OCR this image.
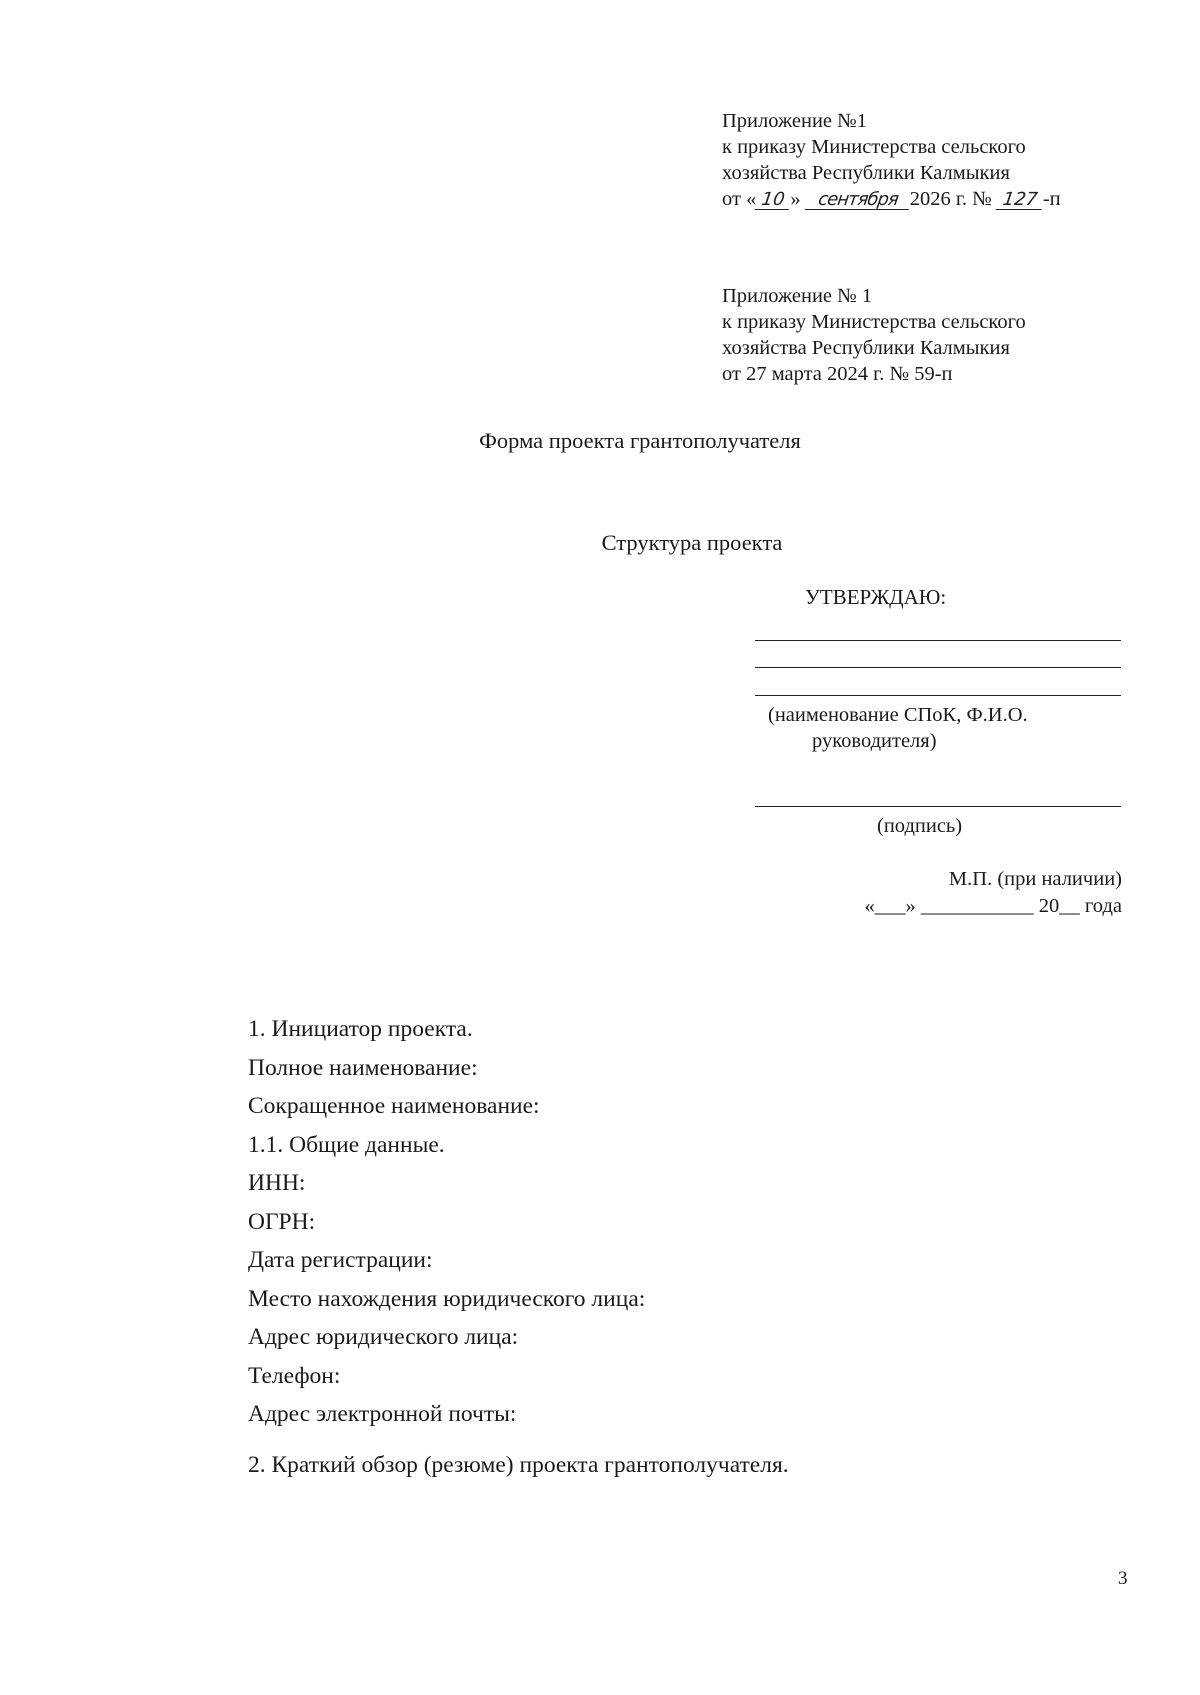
Приложение №1
к приказу Министерства сельского
хозяйства Республики Калмыкия
от « 10 » сентября 2026 г. № 127 -п
Приложение № 1
к приказу Министерства сельского
хозяйства Республики Калмыкия
от 27 марта 2024 г. № 59-п
Форма проекта грантополучателя
Структура проекта
УТВЕРЖДАЮ:
(наименование СПоК, Ф.И.О.
руководителя)
(подпись)
М.П. (при наличии)
«___» ___________ 20__ года
1. Инициатор проекта.
Полное наименование:
Сокращенное наименование:
1.1. Общие данные.
ИНН:
ОГРН:
Дата регистрации:
Место нахождения юридического лица:
Адрес юридического лица:
Телефон:
Адрес электронной почты:
2. Краткий обзор (резюме) проекта грантополучателя.
3
